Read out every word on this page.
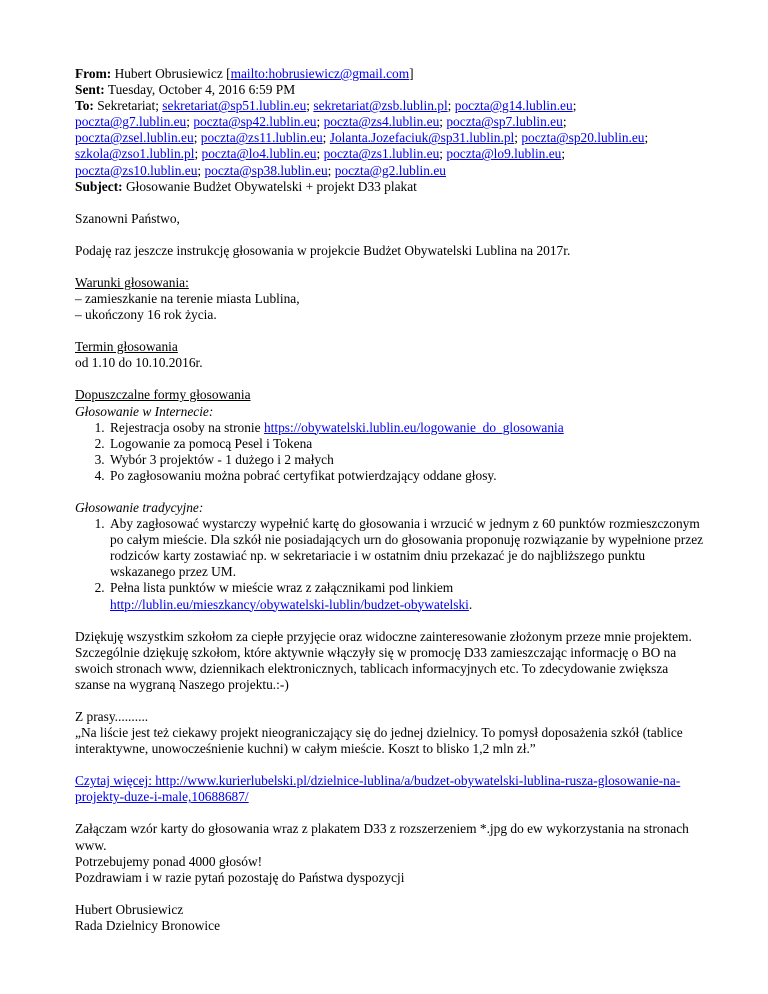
From: Hubert Obrusiewicz [mailto:hobrusiewicz@gmail.com]

Sent: Tuesday, October 4, 2016 6:59 PM

To: Sekretariat; sekretariat@sp51.lublin.eu; sekretariat@zsb.lublin.pl; poczta@g14.lublin.eu;
poczta@g7.lublin.eu; poczta@sp42.lublin.eu; poczta@zs4.lublin.eu; poczta@sp7.lublin.eu;
poczta@zsel.lublin.eu; poczta@zs11.lublin.eu; Jolanta.Jozefaciuk@sp31.lublin.pl; poczta@sp20.lublin.eu;
szkola@zso1.lublin.pl; poczta@lo4.lublin.eu; poczta@zs1.lublin.eu; poczta@lo9.lublin.eu;
poczta@zs10.lublin.eu; poczta@sp38.lublin.eu; poczta@g2.lublin.eu

Subject: Głosowanie Budżet Obywatelski + projekt D33 plakat

Szanowni Państwo,

Podaję raz jeszcze instrukcję głosowania w projekcie Budżet Obywatelski Lublina na 2017r.

Warunki głosowania:

– zamieszkanie na terenie miasta Lublina,

– ukończony 16 rok życia.

Termin głosowania

od 1.10 do 10.10.2016r.

Dopuszczalne formy głosowania

Głosowanie w Internecie:

1. Rejestracja osoby na stronie https://obywatelski.lublin.eu/logowanie_do_glosowania
2. Logowanie za pomocą Pesel i Tokena
3. Wybór 3 projektów - 1 dużego i 2 małych
4. Po zagłosowaniu można pobrać certyfikat potwierdzający oddane głosy.

Głosowanie tradycyjne:

1. Aby zagłosować wystarczy wypełnić kartę do głosowania i wrzucić w jednym z 60 punktów rozmieszczonym po całym mieście. Dla szkół nie posiadających urn do głosowania proponuję rozwiązanie by wypełnione przez rodziców karty zostawiać np. w sekretariacie i w ostatnim dniu przekazać je do najbliższego punktu wskazanego przez UM.
2. Pełna lista punktów w mieście wraz z załącznikami pod linkiem
http://lublin.eu/mieszkancy/obywatelski-lublin/budzet-obywatelski.

Dziękuję wszystkim szkołom za ciepłe przyjęcie oraz widoczne zainteresowanie złożonym przeze mnie projektem. Szczególnie dziękuję szkołom, które aktywnie włączyły się w promocję D33 zamieszczając informację o BO na swoich stronach www, dziennikach elektronicznych, tablicach informacyjnych etc. To zdecydowanie zwiększa szanse na wygraną Naszego projektu.:-)

Z prasy..........

„Na liście jest też ciekawy projekt nieograniczający się do jednej dzielnicy. To pomysł doposażenia szkół (tablice interaktywne, unowocześnienie kuchni) w całym mieście. Koszt to blisko 1,2 mln zł.”

Czytaj więcej: http://www.kurierlubelski.pl/dzielnice-lublina/a/budzet-obywatelski-lublina-rusza-glosowanie-na-projekty-duze-i-male,10688687/

Załączam wzór karty do głosowania wraz z plakatem D33 z rozszerzeniem *.jpg do ew wykorzystania na stronach www.

Potrzebujemy ponad 4000 głosów!

Pozdrawiam i w razie pytań pozostaję do Państwa dyspozycji

Hubert Obrusiewicz

Rada Dzielnicy Bronowice
